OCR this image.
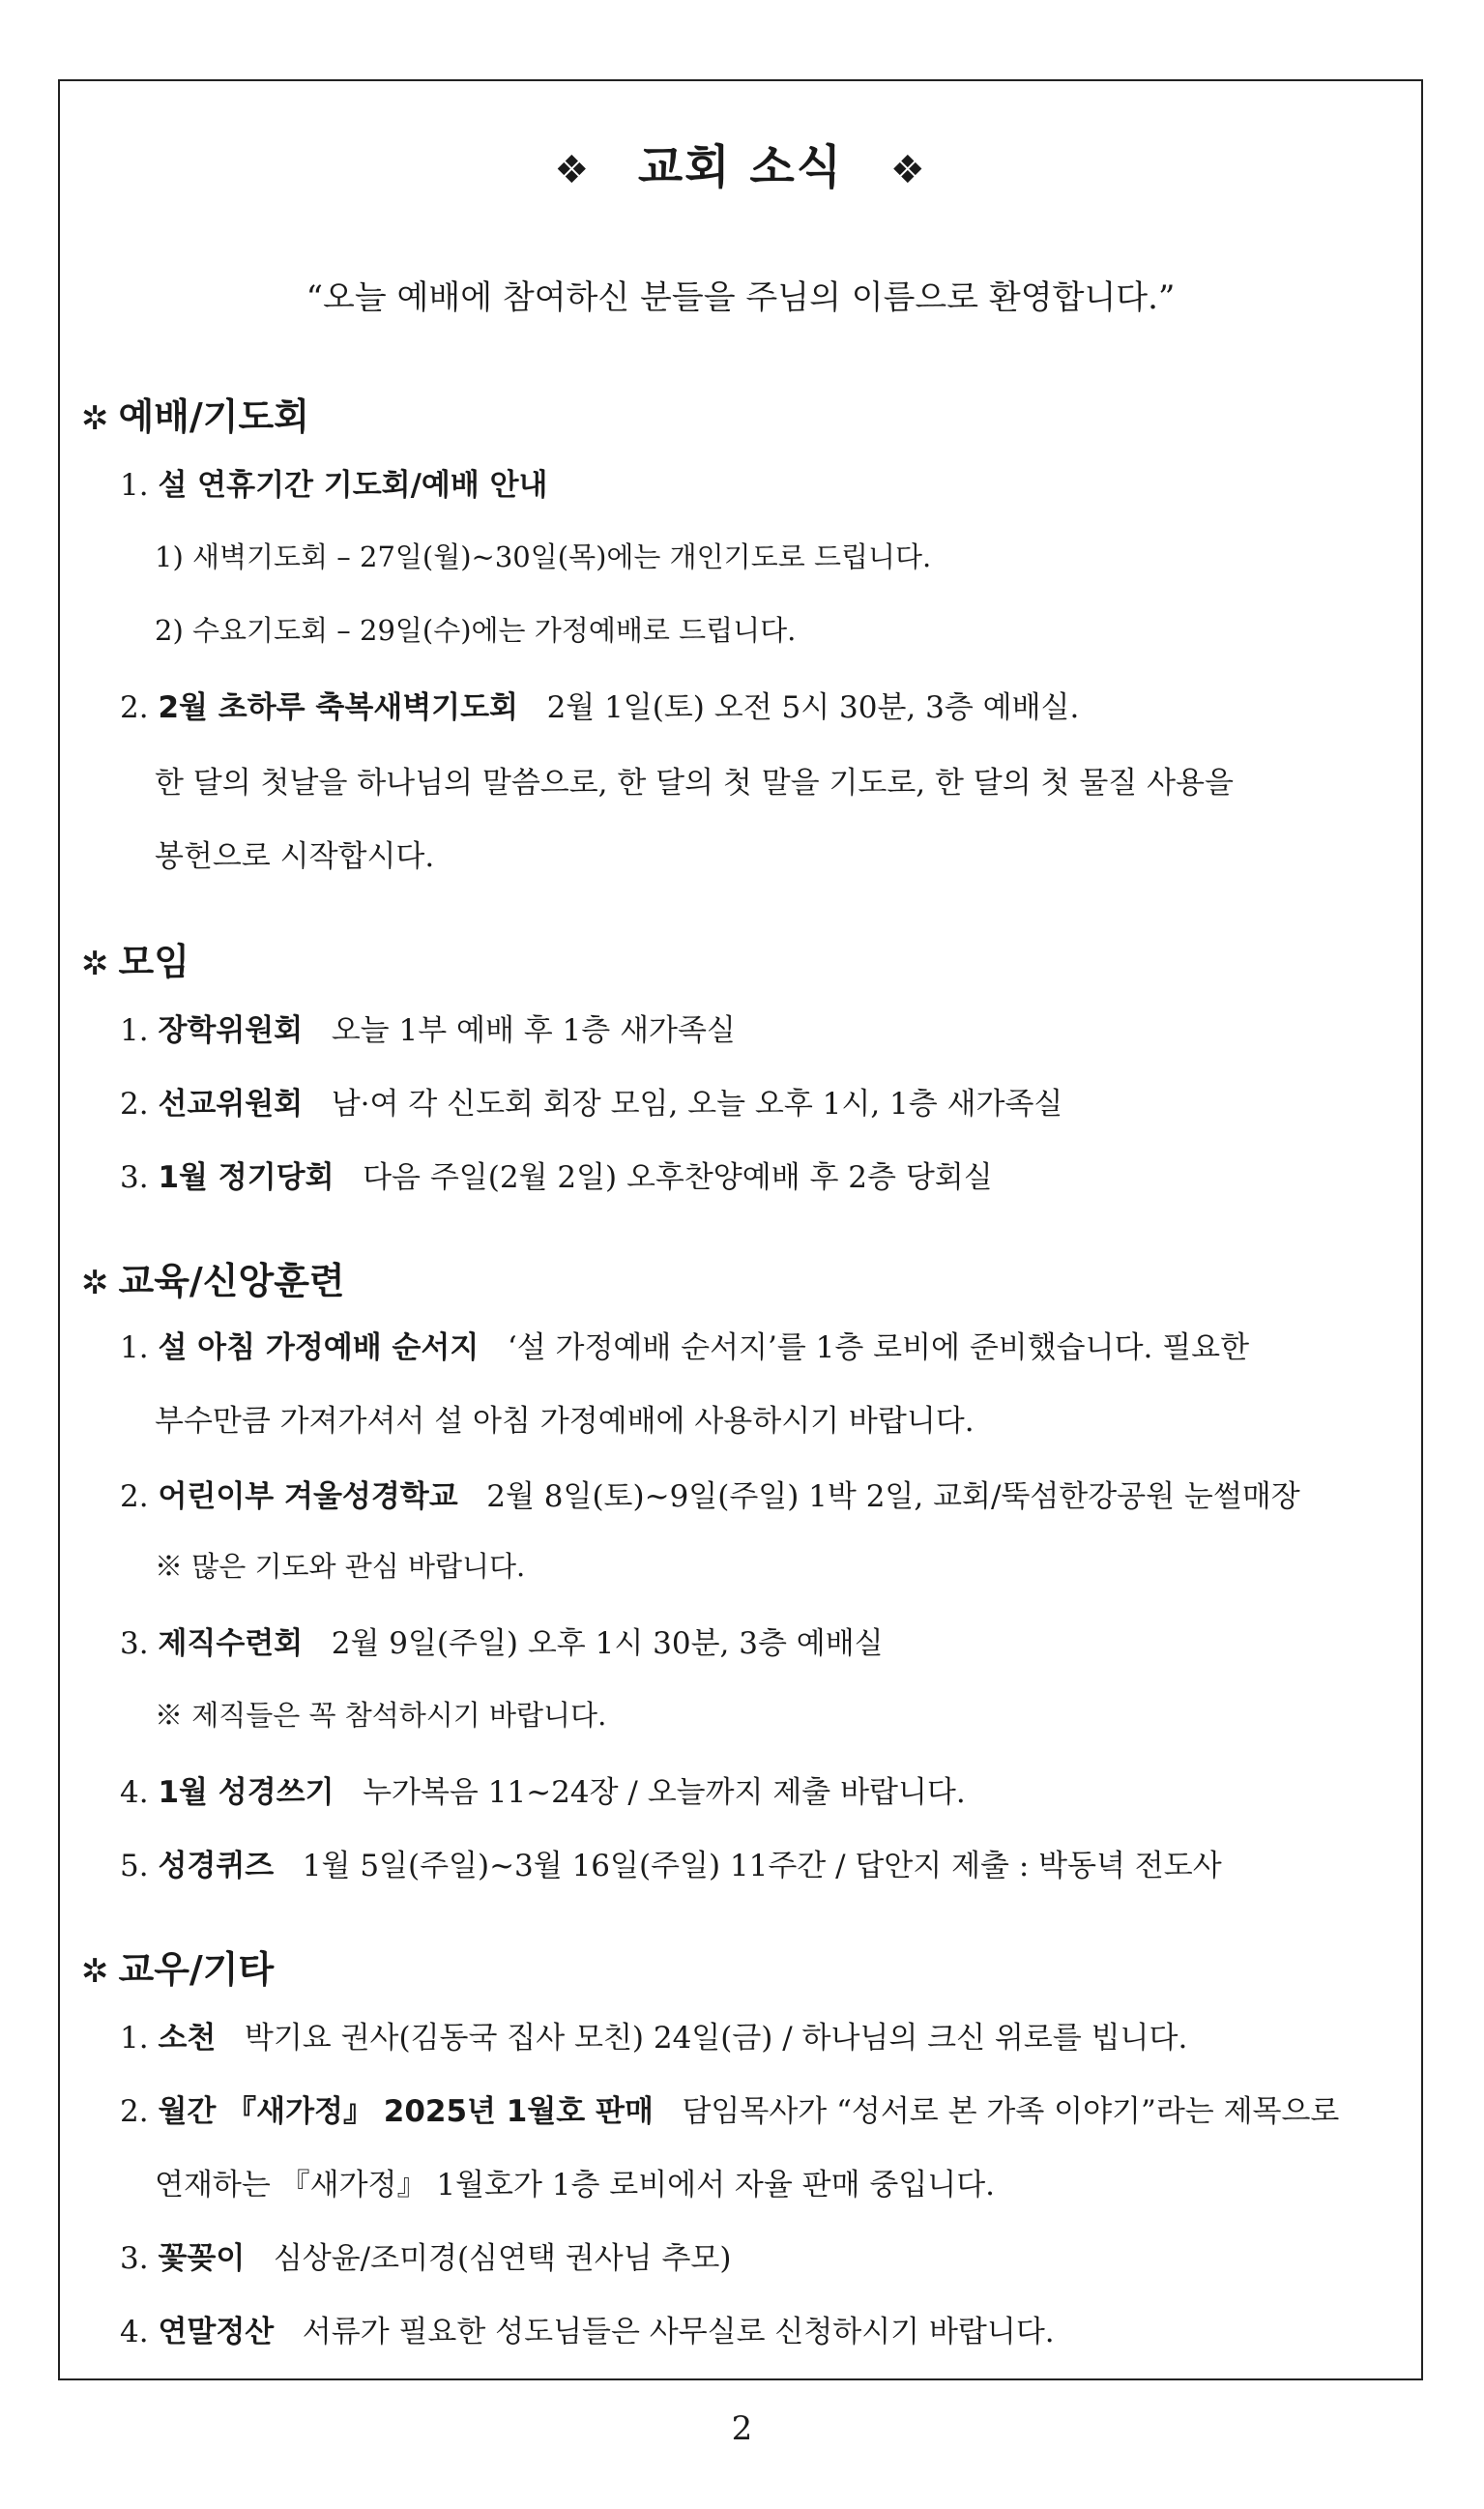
❖ 교회 소식 ❖
“오늘 예배에 참여하신 분들을 주님의 이름으로 환영합니다.”
✲ 예배/기도회
1. 설 연휴기간 기도회/예배 안내
1) 새벽기도회 – 27일(월)~30일(목)에는 개인기도로 드립니다.
2) 수요기도회 – 29일(수)에는 가정예배로 드립니다.
2. 2월 초하루 축복새벽기도회 2월 1일(토) 오전 5시 30분, 3층 예배실.
한 달의 첫날을 하나님의 말씀으로, 한 달의 첫 말을 기도로, 한 달의 첫 물질 사용을
봉헌으로 시작합시다.
✲ 모임
1. 장학위원회 오늘 1부 예배 후 1층 새가족실
2. 선교위원회 남·여 각 신도회 회장 모임, 오늘 오후 1시, 1층 새가족실
3. 1월 정기당회 다음 주일(2월 2일) 오후찬양예배 후 2층 당회실
✲ 교육/신앙훈련
1. 설 아침 가정예배 순서지 ‘설 가정예배 순서지’를 1층 로비에 준비했습니다. 필요한
부수만큼 가져가셔서 설 아침 가정예배에 사용하시기 바랍니다.
2. 어린이부 겨울성경학교 2월 8일(토)~9일(주일) 1박 2일, 교회/뚝섬한강공원 눈썰매장
※ 많은 기도와 관심 바랍니다.
3. 제직수련회 2월 9일(주일) 오후 1시 30분, 3층 예배실
※ 제직들은 꼭 참석하시기 바랍니다.
4. 1월 성경쓰기 누가복음 11~24장 / 오늘까지 제출 바랍니다.
5. 성경퀴즈 1월 5일(주일)~3월 16일(주일) 11주간 / 답안지 제출 : 박동녁 전도사
✲ 교우/기타
1. 소천 박기요 권사(김동국 집사 모친) 24일(금) / 하나님의 크신 위로를 빕니다.
2. 월간 『새가정』 2025년 1월호 판매 담임목사가 “성서로 본 가족 이야기”라는 제목으로
연재하는 『새가정』 1월호가 1층 로비에서 자율 판매 중입니다.
3. 꽃꽂이 심상윤/조미경(심연택 권사님 추모)
4. 연말정산 서류가 필요한 성도님들은 사무실로 신청하시기 바랍니다.
2
